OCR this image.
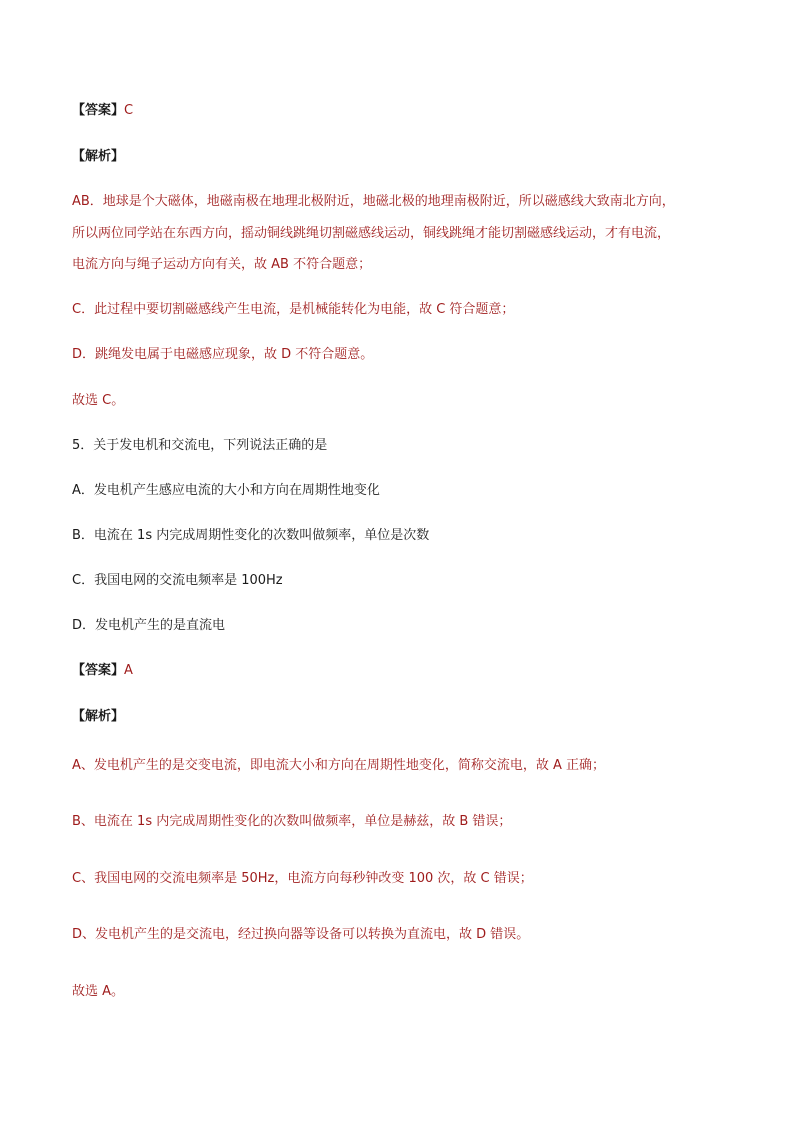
【答案】C
【解析】
AB．地球是个大磁体，地磁南极在地理北极附近，地磁北极的地理南极附近，所以磁感线大致南北方向，
所以两位同学站在东西方向，摇动铜线跳绳切割磁感线运动，铜线跳绳才能切割磁感线运动，才有电流，
电流方向与绳子运动方向有关，故 AB 不符合题意；
C．此过程中要切割磁感线产生电流，是机械能转化为电能，故 C 符合题意；
D．跳绳发电属于电磁感应现象，故 D 不符合题意。
故选 C。
5．关于发电机和交流电，下列说法正确的是
A．发电机产生感应电流的大小和方向在周期性地变化
B．电流在 1s 内完成周期性变化的次数叫做频率，单位是次数
C．我国电网的交流电频率是 100Hz
D．发电机产生的是直流电
【答案】A
【解析】
A、发电机产生的是交变电流，即电流大小和方向在周期性地变化，简称交流电，故 A 正确；
B、电流在 1s 内完成周期性变化的次数叫做频率，单位是赫兹，故 B 错误；
C、我国电网的交流电频率是 50Hz，电流方向每秒钟改变 100 次，故 C 错误；
D、发电机产生的是交流电，经过换向器等设备可以转换为直流电，故 D 错误。
故选 A。
